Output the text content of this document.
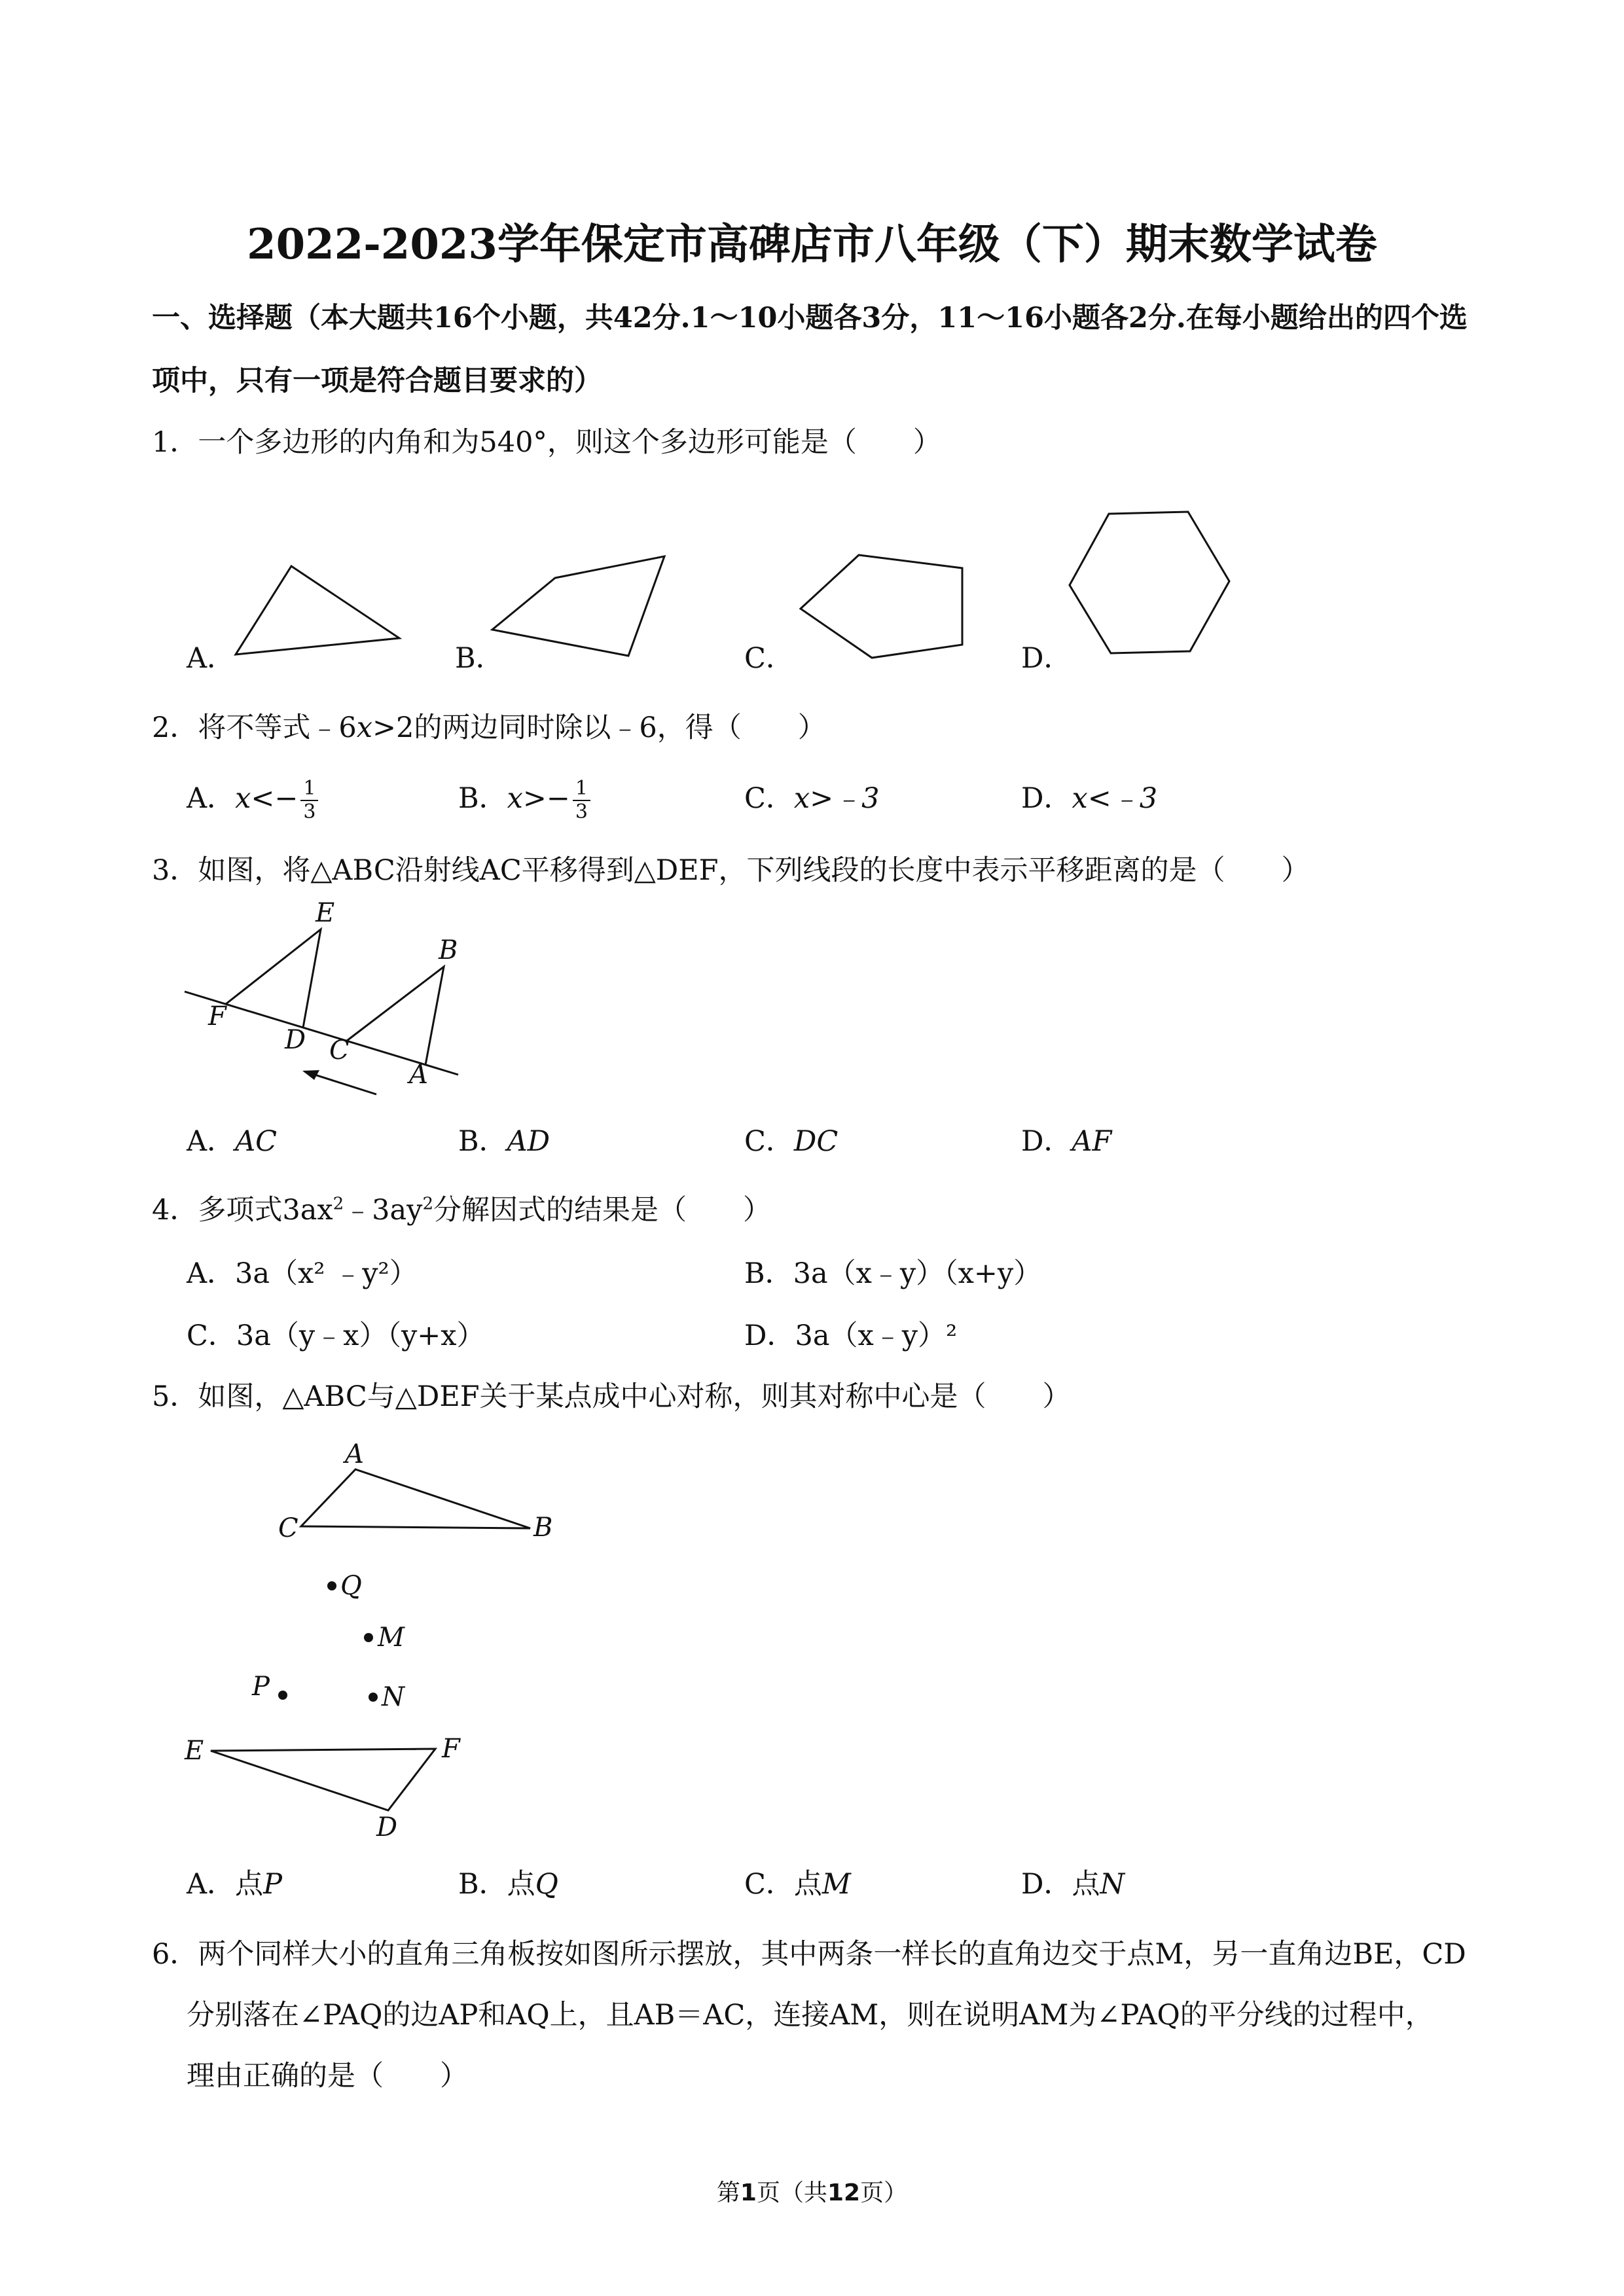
2022-2023学年保定市高碑店市八年级（下）期末数学试卷
一、选择题（本大题共16个小题，共42分.1～10小题各3分，11～16小题各2分.在每小题给出的四个选
项中，只有一项是符合题目要求的）
1．一个多边形的内角和为540°，则这个多边形可能是（　　）
A．	B．	C．	D．
2．将不等式﹣6x>2的两边同时除以﹣6，得（　　）
A．$x<- \frac{1}{3}$	B．$x>- \frac{1}{3}$	C．x>﹣3	D．x<﹣3
3．如图，将△ABC沿射线AC平移得到△DEF，下列线段的长度中表示平移距离的是（　　）
E
B
F
D C
A
A．AC	B．AD	C．DC	D．AF
4．多项式$3ax^2﹣3ay^2$分解因式的结果是（　　）
A．3a（x² ﹣y²）	B．3a（x﹣y）（x+y）
C．3a（y﹣x）（y+x）	D．3a（x﹣y）²
5．如图，△ABC与△DEF关于某点成中心对称，则其对称中心是（　　）
A
C	B
Q
M
P	N
E	F
D
A．点P	B．点Q	C．点M	D．点N
6．两个同样大小的直角三角板按如图所示摆放，其中两条一样长的直角边交于点M，另一直角边BE，CD
分别落在∠PAQ的边AP和AQ上，且AB＝AC，连接AM，则在说明AM为∠PAQ的平分线的过程中，
理由正确的是（　　）
第1页（共12页）
